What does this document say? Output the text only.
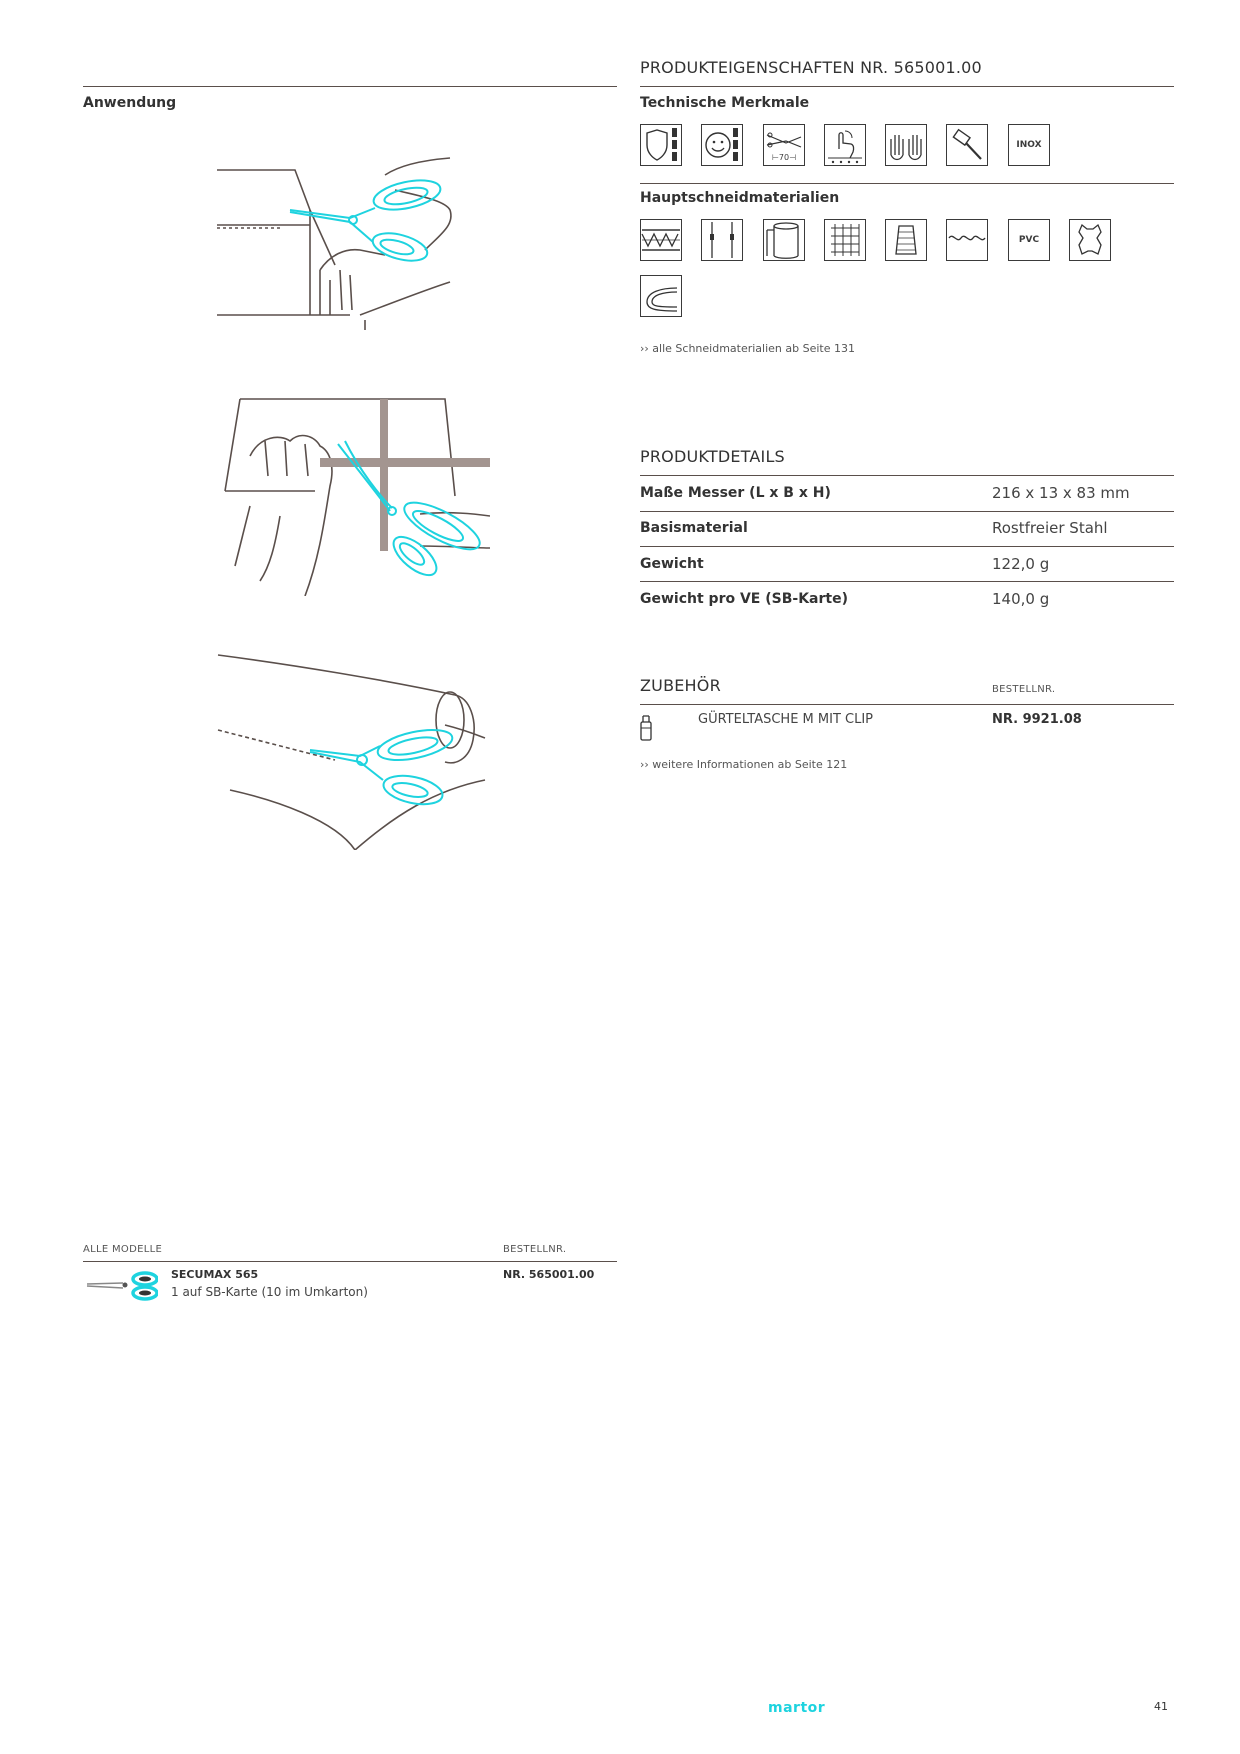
Anwendung
PRODUKTEIGENSCHAFTEN NR. 565001.00
Technische Merkmale
⊢70⊣
INOX
Hauptschneidmaterialien
PVC
›› alle Schneidmaterialien ab Seite 131
PRODUKTDETAILS
Maße Messer (L x B x H)	216 x 13 x 83 mm
Basismaterial	Rostfreier Stahl
Gewicht	122,0 g
Gewicht pro VE (SB-Karte)	140,0 g
ZUBEHÖR	BESTELLNR.
GÜRTELTASCHE M MIT CLIP	NR. 9921.08
›› weitere Informationen ab Seite 121
ALLE MODELLE	BESTELLNR.
SECUMAX 565
1 auf SB-Karte (10 im Umkarton)
NR. 565001.00
martor	41
